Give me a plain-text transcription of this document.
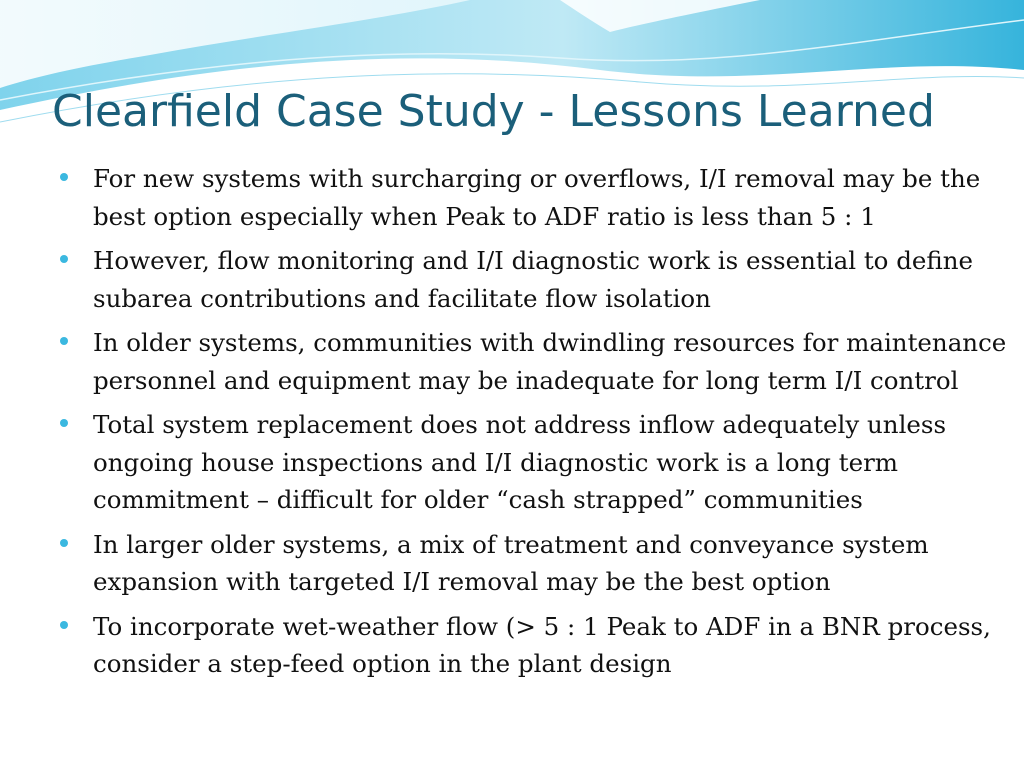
Clearfield Case Study - Lessons Learned
For new systems with surcharging or overflows, I/I removal may be the best option especially when Peak to ADF ratio is less than 5 : 1
However, flow monitoring and I/I diagnostic work is essential to define subarea contributions and facilitate flow isolation
In older systems, communities with dwindling resources for maintenance personnel and equipment may be inadequate for long term I/I control
Total system replacement does not address inflow adequately unless ongoing house inspections and I/I diagnostic work is a long term commitment – difficult for older “cash strapped” communities
In larger older systems, a mix of treatment and conveyance system expansion with targeted I/I removal may be the best option
To incorporate wet-weather flow (> 5 : 1 Peak to ADF in a BNR process, consider a step-feed option in the plant design
